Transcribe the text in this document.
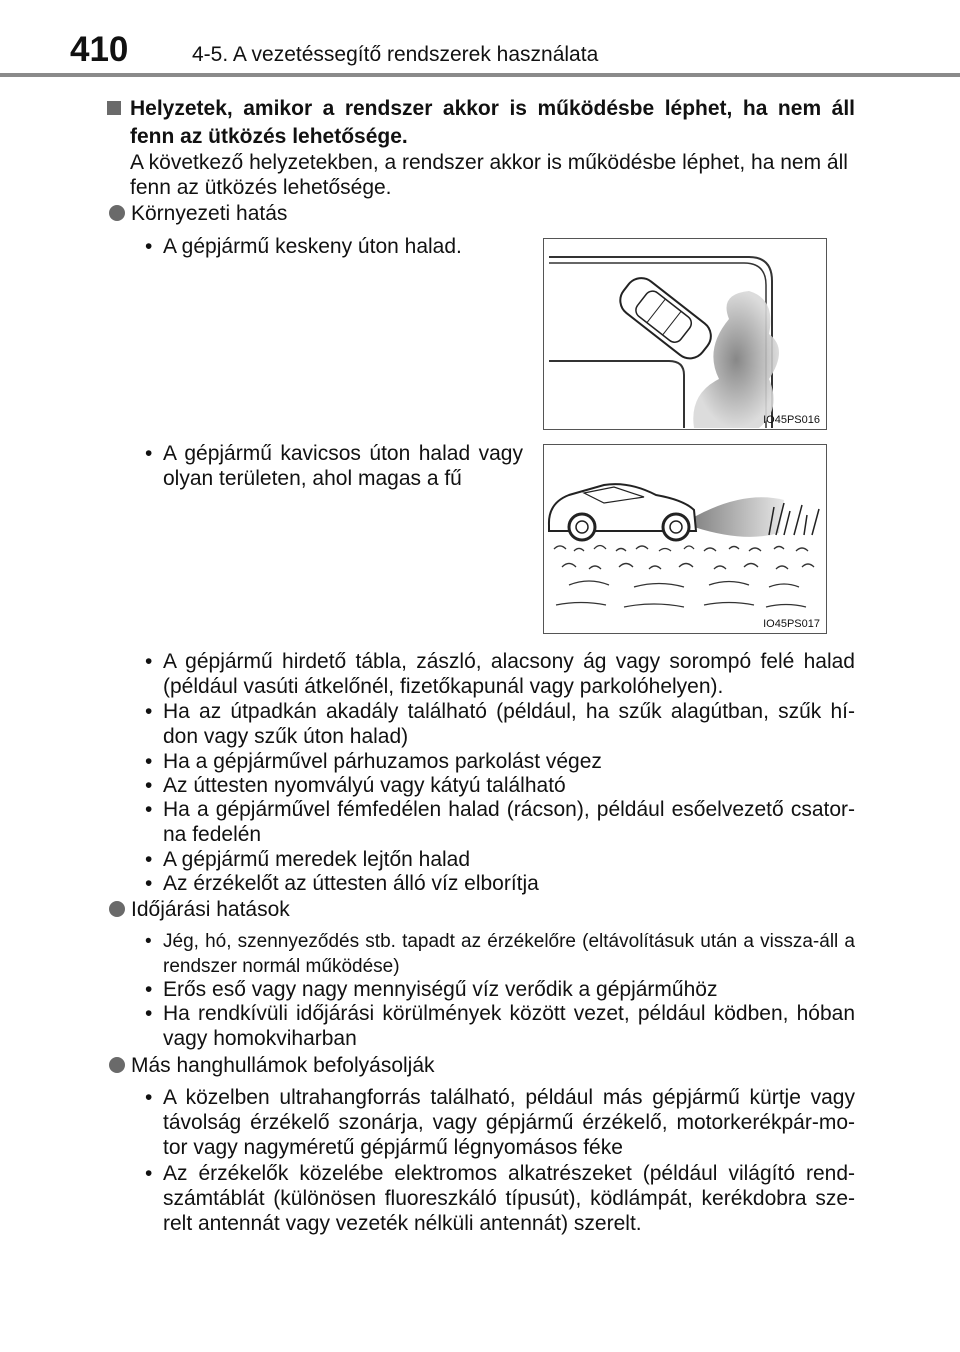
410	4-5. A vezetéssegítő rendszerek használata
Helyzetek, amikor a rendszer akkor is működésbe léphet, ha nem áll fenn az ütközés lehetősége.
A következő helyzetekben, a rendszer akkor is működésbe léphet, ha nem áll fenn az ütközés lehetősége.
Környezeti hatás
• A gépjármű keskeny úton halad.
IO45PS016
• A gépjármű kavicsos úton halad vagy olyan területen, ahol magas a fű
IO45PS017
• A gépjármű hirdető tábla, zászló, alacsony ág vagy sorompó felé halad (például vasúti átkelőnél, fizetőkapunál vagy parkolóhelyen).
• Ha az útpadkán akadály található (például, ha szűk alagútban, szűk hí-don vagy szűk úton halad)
• Ha a gépjárművel párhuzamos parkolást végez
• Az úttesten nyomvályú vagy kátyú található
• Ha a gépjárművel fémfedélen halad (rácson), például esőelvezető csator-na fedelén
• A gépjármű meredek lejtőn halad
• Az érzékelőt az úttesten álló víz elborítja
Időjárási hatások
• Jég, hó, szennyeződés stb. tapadt az érzékelőre (eltávolításuk után a vissza-áll a rendszer normál működése)
• Erős eső vagy nagy mennyiségű víz verődik a gépjárműhöz
• Ha rendkívüli időjárási körülmények között vezet, például ködben, hóban vagy homokviharban
Más hanghullámok befolyásolják
• A közelben ultrahangforrás található, például más gépjármű kürtje vagy távolság érzékelő szonárja, vagy gépjármű érzékelő, motorkerékpár-mo-tor vagy nagyméretű gépjármű légnyomásos féke
• Az érzékelők közelébe elektromos alkatrészeket (például világító rend-számtáblát (különösen fluoreszkáló típusút), ködlámpát, kerékdobra sze-relt antennát vagy vezeték nélküli antennát) szerelt.
